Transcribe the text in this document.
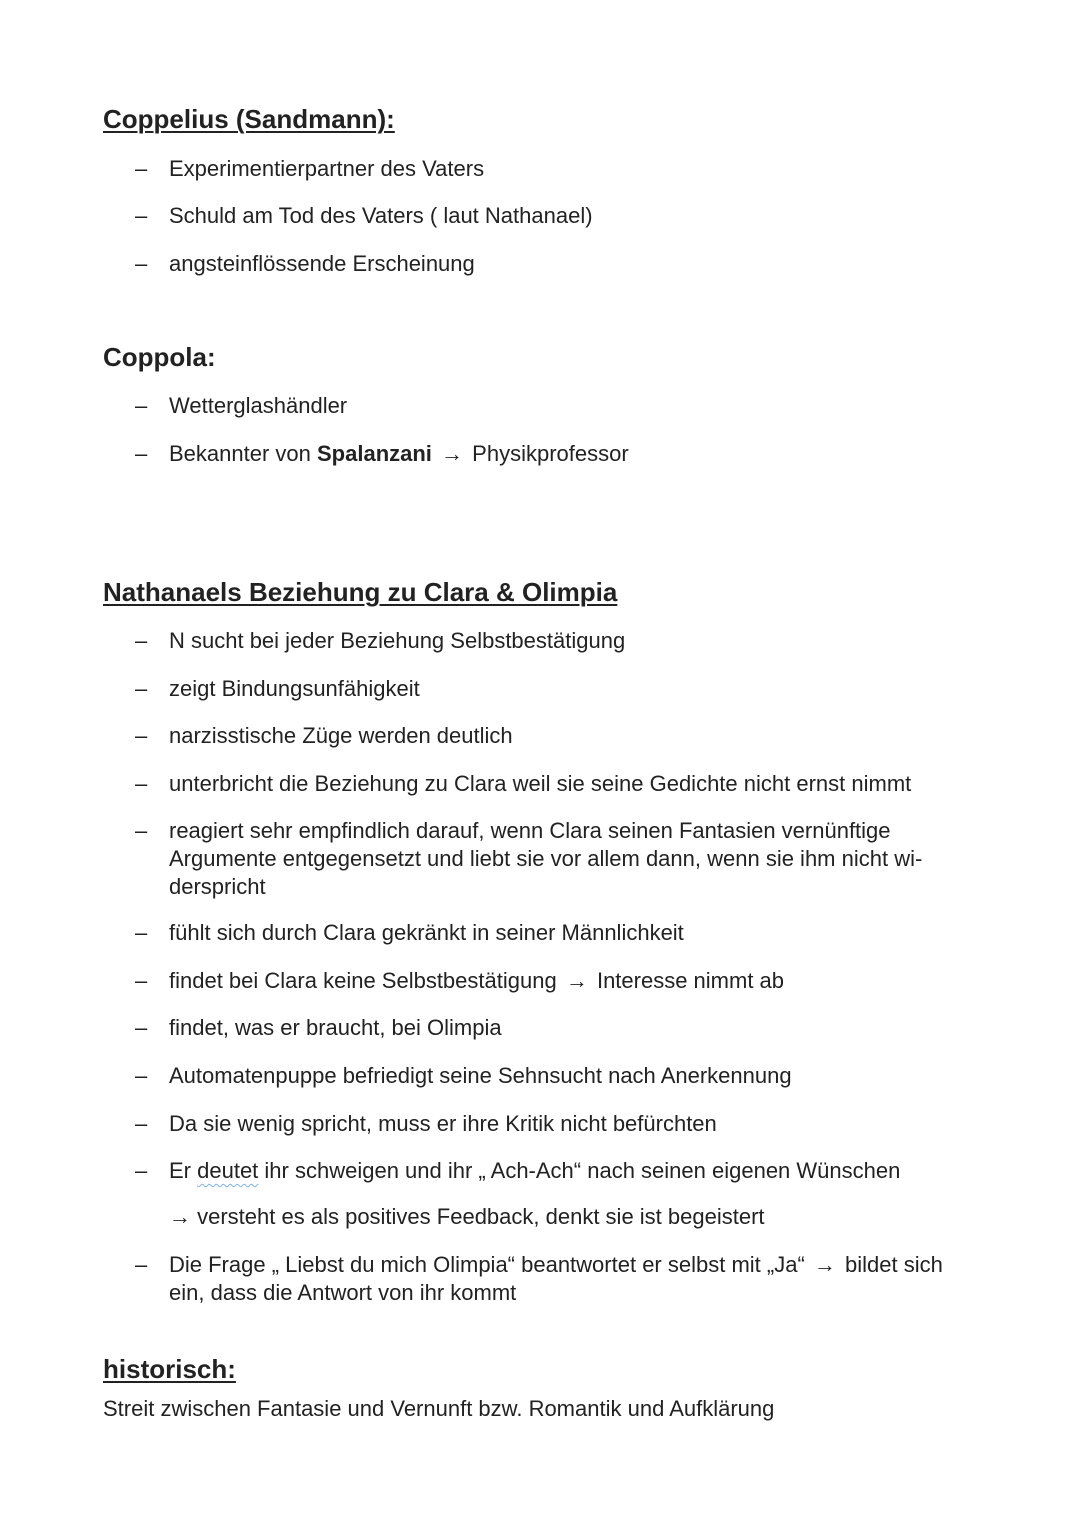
Coppelius (Sandmann):
– Experimentierpartner des Vaters
– Schuld am Tod des Vaters ( laut Nathanael)
– angsteinflössende Erscheinung
Coppola:
– Wetterglashändler
– Bekannter von Spalanzani → Physikprofessor
Nathanaels Beziehung zu Clara & Olimpia
– N sucht bei jeder Beziehung Selbstbestätigung
– zeigt Bindungsunfähigkeit
– narzisstische Züge werden deutlich
– unterbricht die Beziehung zu Clara weil sie seine Gedichte nicht ernst nimmt
– reagiert sehr empfindlich darauf, wenn Clara seinen Fantasien vernünftige Argumente entgegensetzt und liebt sie vor allem dann, wenn sie ihm nicht wi-derspricht
– fühlt sich durch Clara gekränkt in seiner Männlichkeit
– findet bei Clara keine Selbstbestätigung → Interesse nimmt ab
– findet, was er braucht, bei Olimpia
– Automatenpuppe befriedigt seine Sehnsucht nach Anerkennung
– Da sie wenig spricht, muss er ihre Kritik nicht befürchten
– Er deutet ihr schweigen und ihr „ Ach-Ach“ nach seinen eigenen Wünschen
→ versteht es als positives Feedback, denkt sie ist begeistert
– Die Frage „ Liebst du mich Olimpia“ beantwortet er selbst mit „Ja“ → bildet sich ein, dass die Antwort von ihr kommt
historisch:
Streit zwischen Fantasie und Vernunft bzw. Romantik und Aufklärung
